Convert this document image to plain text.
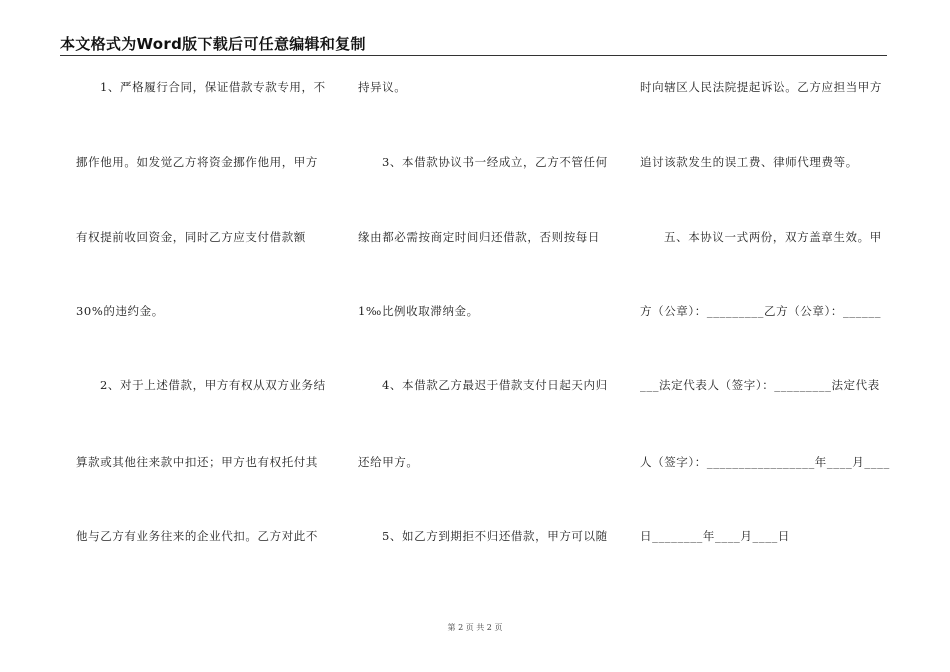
本文格式为Word版下载后可任意编辑和复制
1、严格履行合同，保证借款专款专用，不
挪作他用。如发觉乙方将资金挪作他用，甲方
有权提前收回资金，同时乙方应支付借款额
30%的违约金。
2、对于上述借款，甲方有权从双方业务结
算款或其他往来款中扣还；甲方也有权托付其
他与乙方有业务往来的企业代扣。乙方对此不
持异议。
3、本借款协议书一经成立，乙方不管任何
缘由都必需按商定时间归还借款，否则按每日
1‰比例收取滞纳金。
4、本借款乙方最迟于借款支付日起天内归
还给甲方。
5、如乙方到期拒不归还借款，甲方可以随
时向辖区人民法院提起诉讼。乙方应担当甲方
追讨该款发生的误工费、律师代理费等。
五、本协议一式两份，双方盖章生效。甲
方（公章）：_________乙方（公章）：______
___法定代表人（签字）：_________法定代表
人（签字）：_________________年____月____
日________年____月____日
第 2 页 共 2 页
